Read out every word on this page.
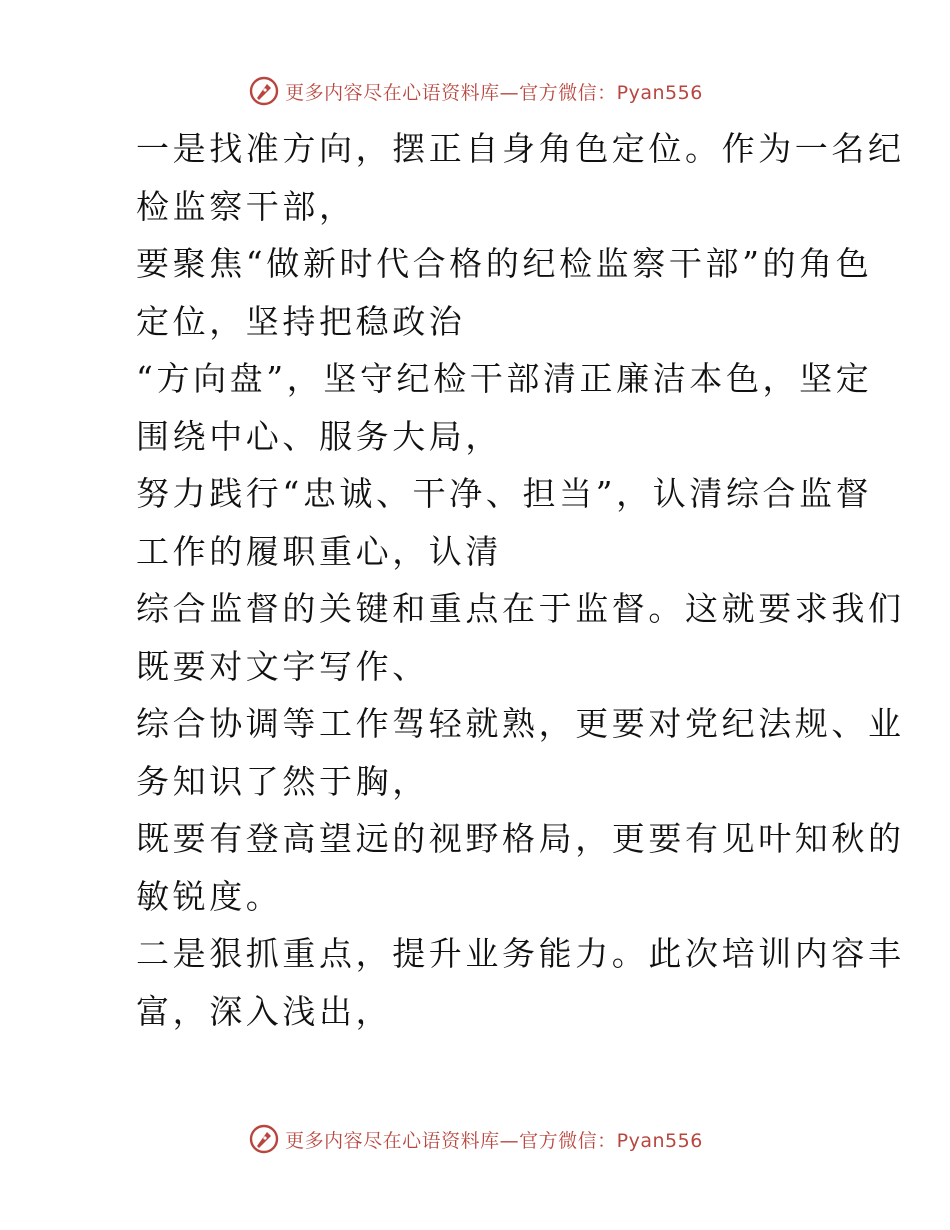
更多内容尽在心语资料库—官方微信：Pyan556

一是找准方向，摆正自身角色定位。作为一名纪
检监察干部，

要聚焦“做新时代合格的纪检监察干部”的角色
定位，坚持把稳政治

“方向盘”，坚守纪检干部清正廉洁本色，坚定
围绕中心、服务大局，

努力践行“忠诚、干净、担当”，认清综合监督
工作的履职重心，认清

综合监督的关键和重点在于监督。这就要求我们
既要对文字写作、

综合协调等工作驾轻就熟，更要对党纪法规、业
务知识了然于胸，

既要有登高望远的视野格局，更要有见叶知秋的
敏锐度。

二是狠抓重点，提升业务能力。此次培训内容丰
富，深入浅出，

更多内容尽在心语资料库—官方微信：Pyan556
